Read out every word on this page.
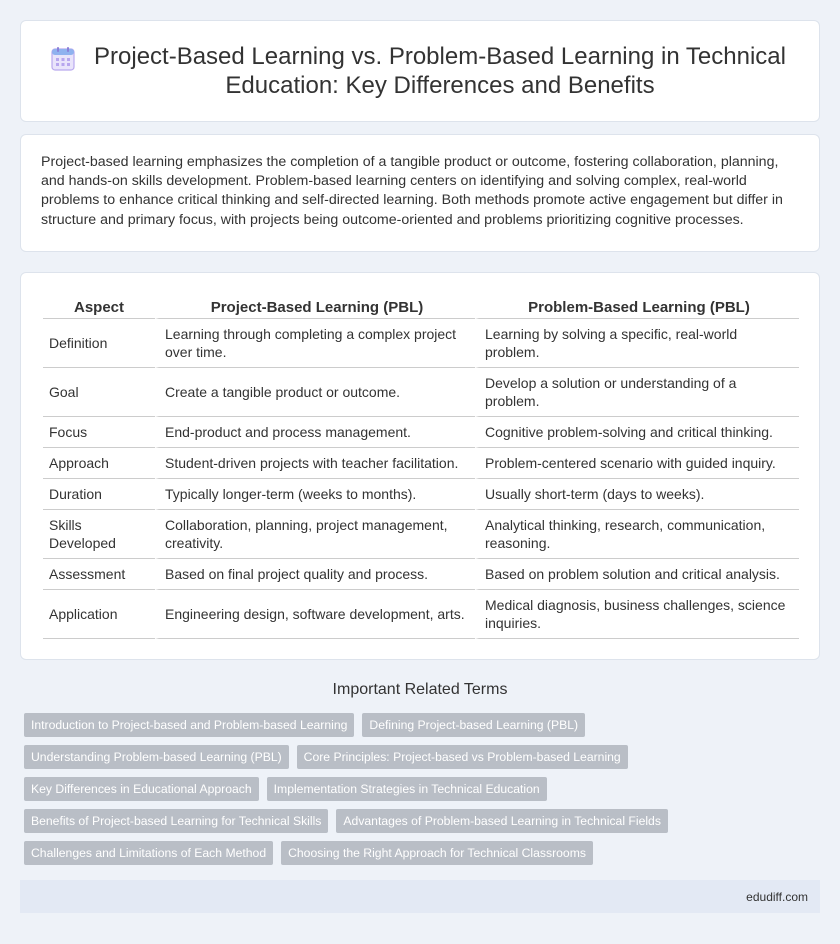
Project-Based Learning vs. Problem-Based Learning in Technical Education: Key Differences and Benefits

Project-based learning emphasizes the completion of a tangible product or outcome, fostering collaboration, planning, and hands-on skills development. Problem-based learning centers on identifying and solving complex, real-world problems to enhance critical thinking and self-directed learning. Both methods promote active engagement but differ in structure and primary focus, with projects being outcome-oriented and problems prioritizing cognitive processes.

Aspect	Project-Based Learning (PBL)	Problem-Based Learning (PBL)
Definition	Learning through completing a complex project over time.	Learning by solving a specific, real-world problem.
Goal	Create a tangible product or outcome.	Develop a solution or understanding of a problem.
Focus	End-product and process management.	Cognitive problem-solving and critical thinking.
Approach	Student-driven projects with teacher facilitation.	Problem-centered scenario with guided inquiry.
Duration	Typically longer-term (weeks to months).	Usually short-term (days to weeks).
Skills Developed	Collaboration, planning, project management, creativity.	Analytical thinking, research, communication, reasoning.
Assessment	Based on final project quality and process.	Based on problem solution and critical analysis.
Application	Engineering design, software development, arts.	Medical diagnosis, business challenges, science inquiries.
Important Related Terms
Introduction to Project-based and Problem-based Learning	Defining Project-based Learning (PBL)
Understanding Problem-based Learning (PBL)	Core Principles: Project-based vs Problem-based Learning
Key Differences in Educational Approach	Implementation Strategies in Technical Education
Benefits of Project-based Learning for Technical Skills	Advantages of Problem-based Learning in Technical Fields
Challenges and Limitations of Each Method	Choosing the Right Approach for Technical Classrooms
edudiff.com
